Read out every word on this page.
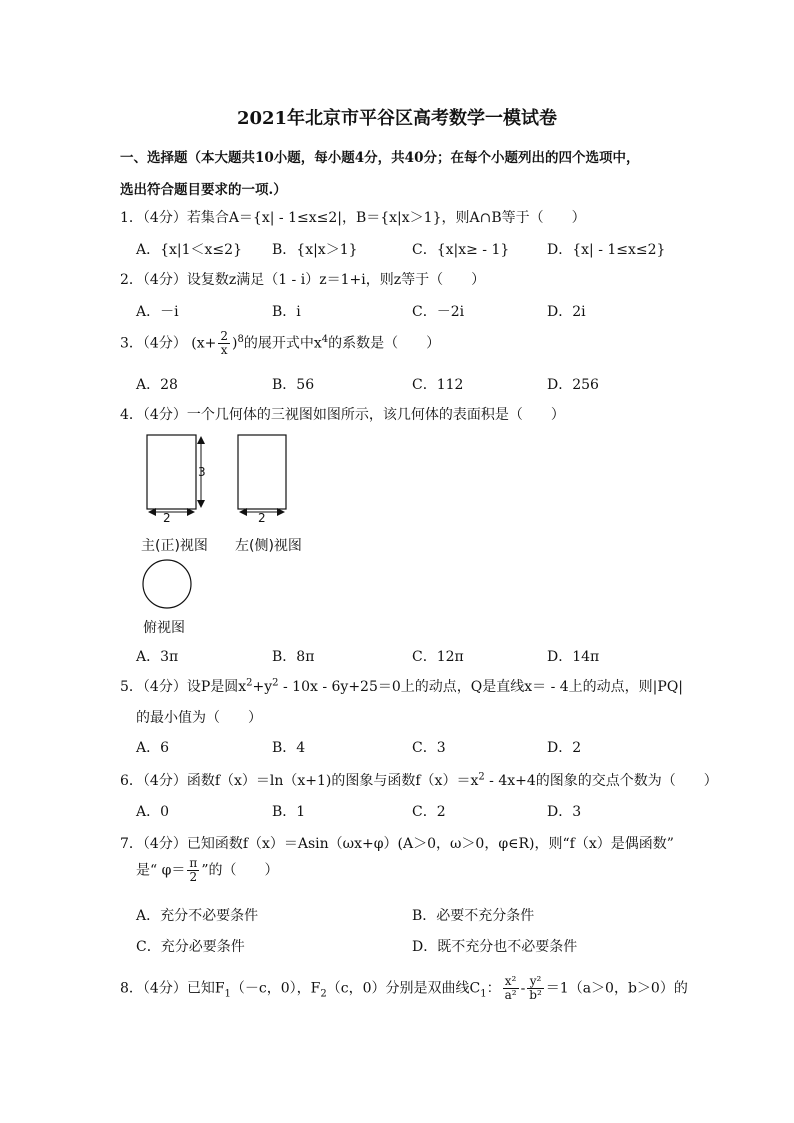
2021年北京市平谷区高考数学一模试卷
一、选择题（本大题共10小题，每小题4分，共40分；在每个小题列出的四个选项中，
选出符合题目要求的一项.）
1．（4分）若集合A＝{x| - 1≤x≤2|，B＝{x|x＞1}，则A∩B等于（　　）
A．{x|1＜x≤2} B．{x|x＞1}	C．{x|x≥ - 1}	D．{x| - 1≤x≤2}
2．（4分）设复数z满足（1 - i）z＝1+i，则z等于（　　）
A．－i	B．i	C．－2i	D．2i
3．（4分） $(x+ \frac{2}{x} )^8$的展开式中$x^4$的系数是（　　）
A．28	B．56	C．112	D．256
4．（4分）一个几何体的三视图如图所示，该几何体的表面积是（　　）
3
2	2
主(正)视图 左(侧)视图
俯视图
A．3π	B．8π	C．12π	D．14π
5．（4分）设P是圆$x^2+y^2 - 10x - 6y+25=0$上的动点，Q是直线x＝ - 4上的动点，则|PQ|
的最小值为（　　）
A．6	B．4	C．3	D．2
6．（4分）函数f（x）＝ln（x+1)的图象与函数$f(x)=x^2 - 4x+4$的图象的交点个数为（　　）
A．0	B．1	C．2	D．3
7．（4分）已知函数f（x）＝Asin（ωx+φ）(A＞0，ω＞0，φ∈R)，则“f（x）是偶函数”
是“ $\varphi= \frac{\pi}{2}$ ”的（　　）
A．充分不必要条件	B．必要不充分条件
C．充分必要条件	D．既不充分也不必要条件
8．（4分）已知$F_1(-c$，0），$F_2(c$，0）分别是双曲线$C_1$： $\frac{\text{x²}}{\text{a²}} - \frac{\text{y²}}{\text{b²}} =1(a>0$，b＞0）的
